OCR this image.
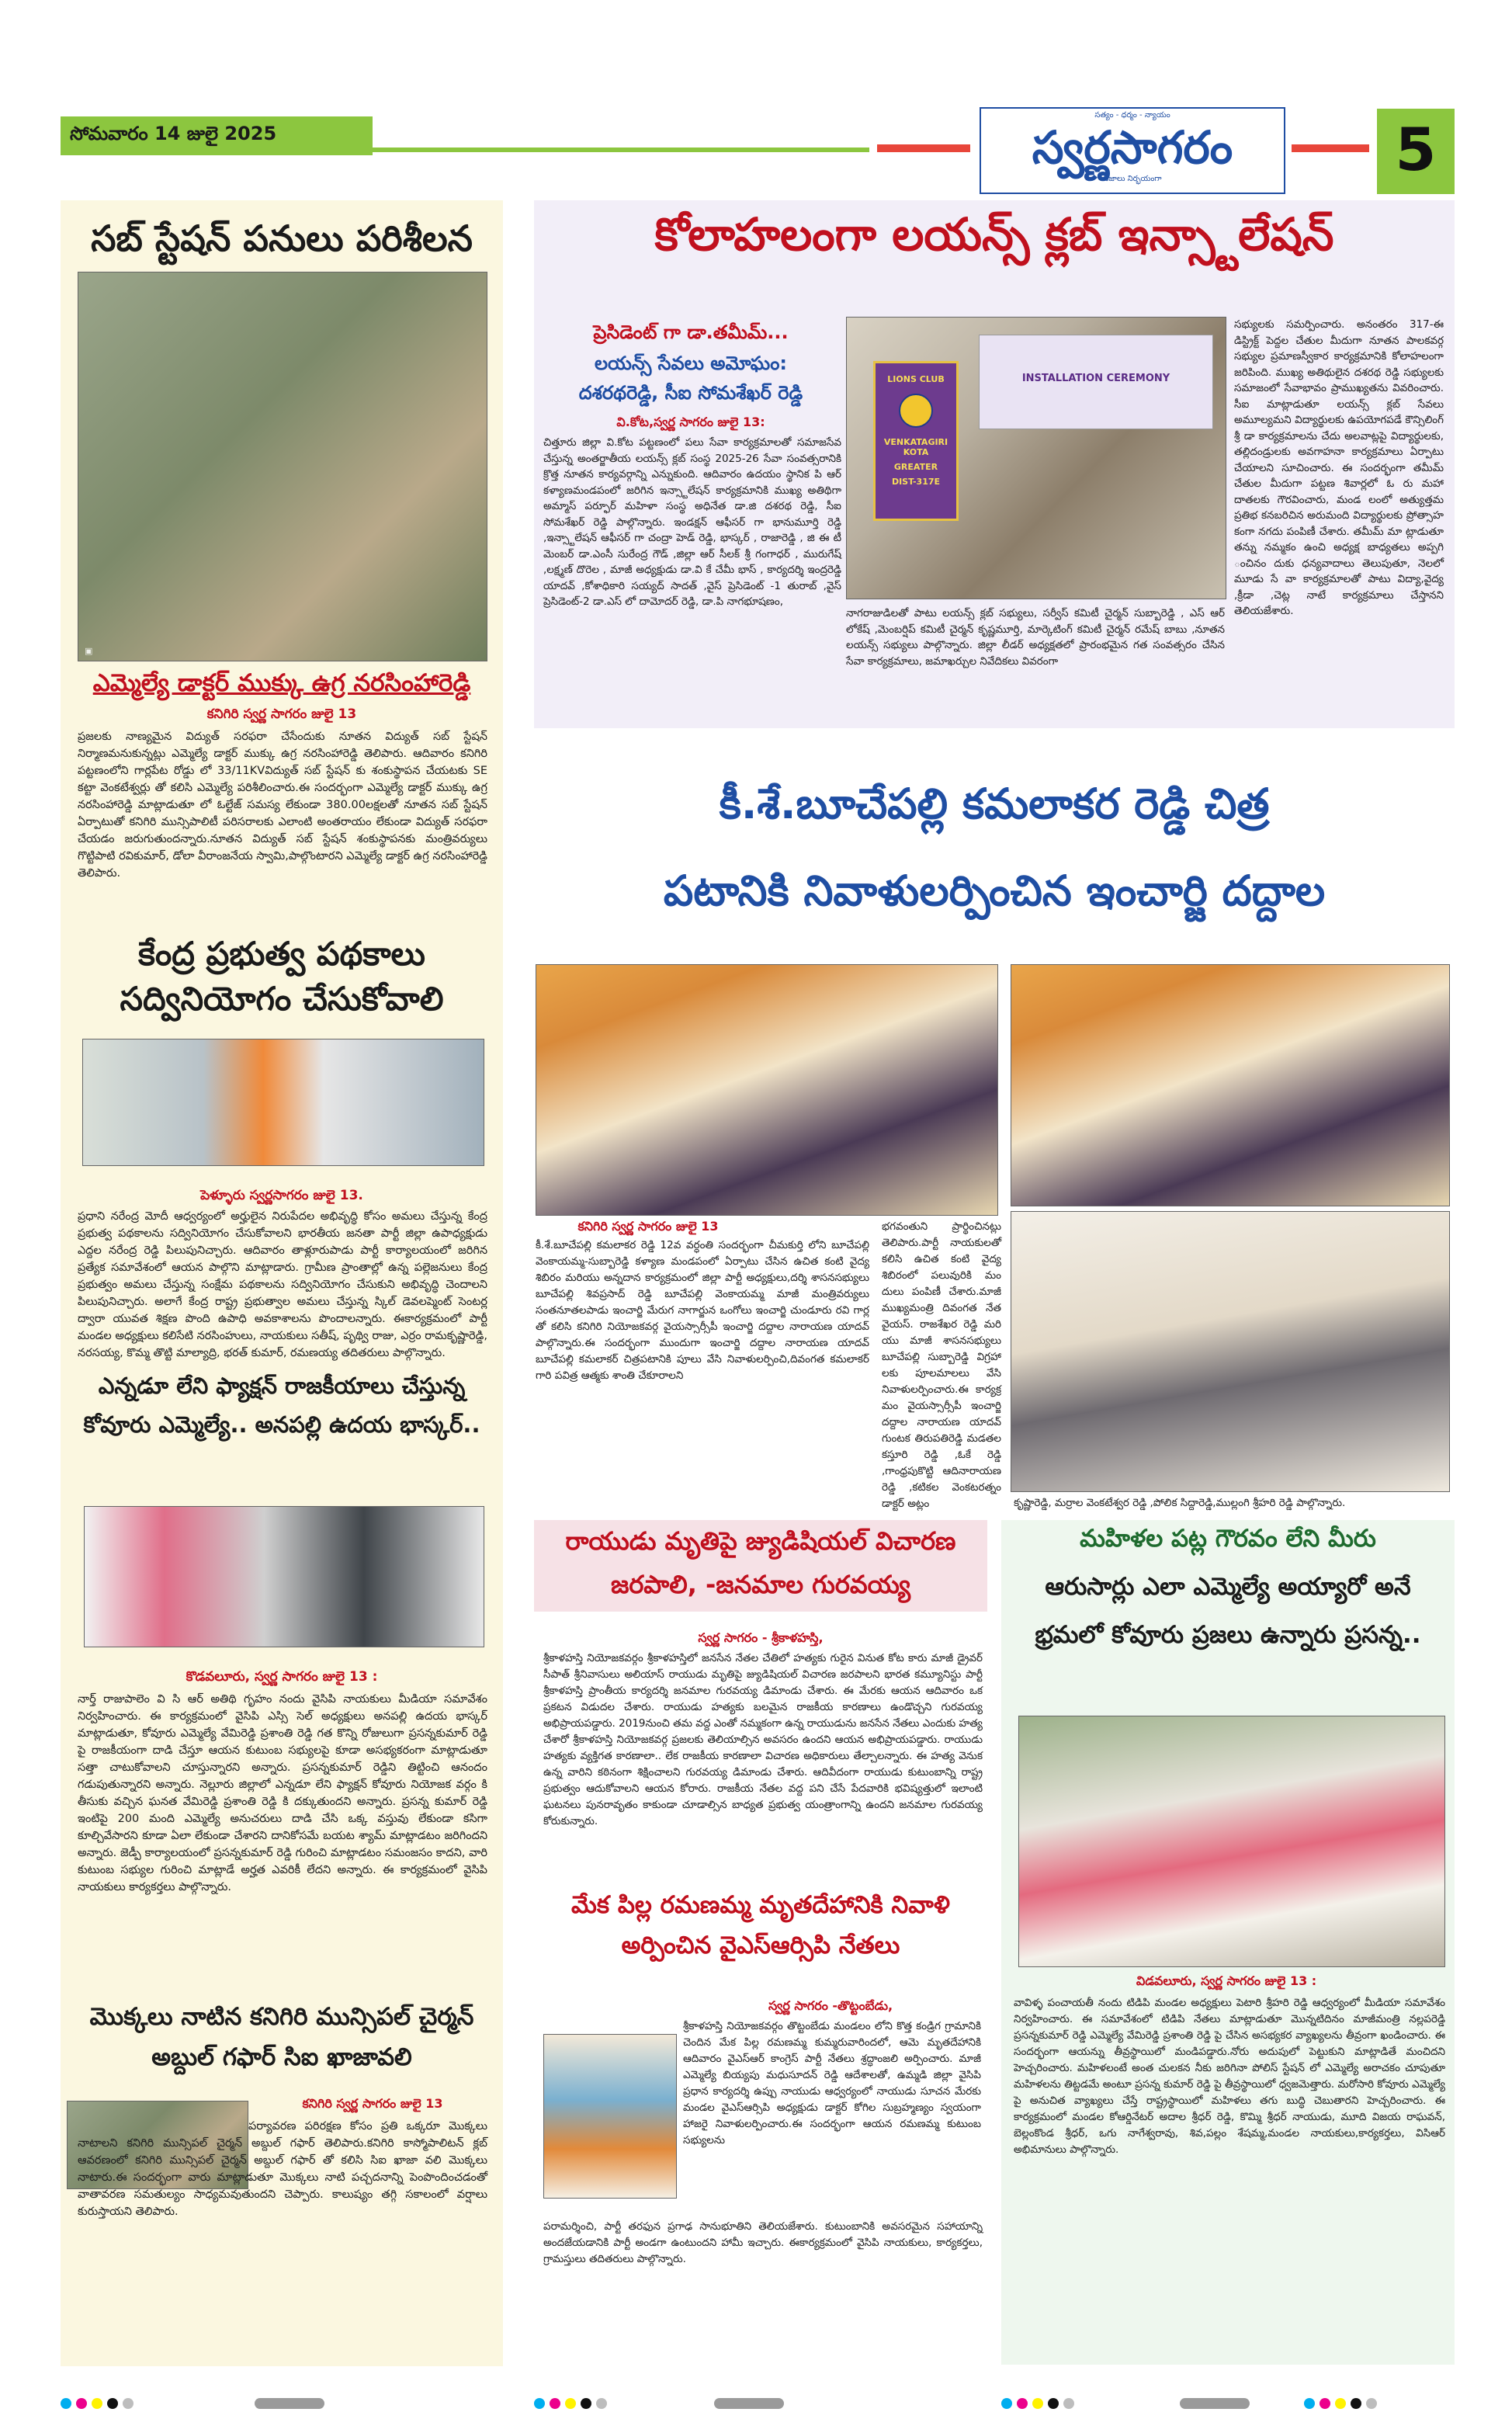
సోమవారం 14 జులై 2025
సత్యం - ధర్మం - న్యాయం
స్వర్ణసాగరం
నిజాలు నిర్భయంగా	5
సబ్ స్టేషన్ పనులు పరిశీలన
▣
ఎమ్మెల్యే డాక్టర్ ముక్కు ఉగ్ర నరసింహారెడ్డి
కనిగిరి స్వర్ణ సాగరం జులై 13

ప్రజలకు నాణ్యమైన విద్యుత్ సరఫరా చేసేందుకు నూతన విద్యుత్ సబ్ స్టేషన్ నిర్మాణమనుకున్నట్లు ఎమ్మెల్యే డాక్టర్ ముక్కు ఉగ్ర నరసింహారెడ్డి తెలిపారు. ఆదివారం కనిగిరి పట్టణంలోని గార్లపేట రోడ్డు లో 33/11KVవిద్యుత్ సబ్ స్టేషన్ కు శంకుస్థాపన చేయటకు SE కట్టా వెంకటేశ్వర్లు తో కలిసి ఎమ్మెల్యే పరిశీలించారు.ఈ సందర్భంగా ఎమ్మెల్యే డాక్టర్ ముక్కు ఉగ్ర నరసింహారెడ్డి మాట్లాడుతూ లో ఓల్టేజ్ సమస్య లేకుండా 380.00లక్షలతో నూతన సబ్ స్టేషన్ ఏర్పాటుతో కనిగిరి మున్సిపాలిటీ పరిసరాలకు ఎలాంటి అంతరాయం లేకుండా విద్యుత్ సరఫరా చేయడం జరుగుతుందన్నారు.నూతన విద్యుత్ సబ్ స్టేషన్ శంకుస్థాపనకు మంత్రివర్యులు గొట్టిపాటి రవికుమార్, డోలా వీరాంజనేయ స్వామి,పాల్గొంటారని ఎమ్మెల్యే డాక్టర్ ఉగ్ర నరసింహారెడ్డి తెలిపారు.

కేంద్ర ప్రభుత్వ పథకాలు
సద్వినియోగం చేసుకోవాలి
పెళ్ళూరు స్వర్ణసాగరం జులై 13.

ప్రధాని నరేంద్ర మోదీ ఆధ్వర్యంలో అర్హులైన నిరుపేదల అభివృద్ధి కోసం అమలు చేస్తున్న కేంద్ర ప్రభుత్వ పథకాలను సద్వినియోగం చేసుకోవాలని భారతీయ జనతా పార్టీ జిల్లా ఉపాధ్యక్షుడు ఎద్దల నరేంద్ర రెడ్డి పిలుపునిచ్చారు. ఆదివారం తాళ్లూరుపాడు పార్టీ కార్యాలయంలో జరిగిన ప్రత్యేక సమావేశంలో ఆయన పాల్గొని మాట్లాడారు. గ్రామీణ ప్రాంతాల్లో ఉన్న పల్లెజనులు కేంద్ర ప్రభుత్వం అమలు చేస్తున్న సంక్షేమ పథకాలను సద్వినియోగం చేసుకుని అభివృద్ధి చెందాలని పిలుపునిచ్చారు. అలాగే కేంద్ర రాష్ట్ర ప్రభుత్వాల అమలు చేస్తున్న స్కిల్ డెవలప్మెంట్ సెంటర్ల ద్వారా యువత శిక్షణ పొంది ఉపాధి అవకాశాలను పొందాలన్నారు. ఈకార్యక్రమంలో పార్టీ మండల అధ్యక్షులు కలిసేటి నరసింహులు, నాయకులు సతీష్, పృథ్వి రాజు, ఎర్రం రామకృష్ణారెడ్డి, నరసయ్య, కొమ్మ తొట్టి మాల్యాద్రి, భరత్ కుమార్, రమణయ్య తదితరులు పాల్గొన్నారు.

ఎన్నడూ లేని ఫ్యాక్షన్ రాజకీయాలు చేస్తున్న
కోవూరు ఎమ్మెల్యే.. అనపల్లి ఉదయ భాస్కర్..
కొడవలూరు, స్వర్ణ సాగరం జులై 13 :

నార్త్ రాజుపాలెం వి సి ఆర్ అతిథి గృహం నందు వైసిపి నాయకులు మీడియా సమావేశం నిర్వహించారు. ఈ కార్యక్రమంలో వైసిపి ఎస్సి సెల్ అధ్యక్షులు అనపల్లి ఉదయ భాస్కర్ మాట్లాడుతూ, కోవూరు ఎమ్మెల్యే వేమిరెడ్డి ప్రశాంతి రెడ్డి గత కొన్ని రోజులుగా ప్రసన్నకుమార్ రెడ్డి పై రాజకీయంగా దాడి చేస్తూ ఆయన కుటుంబ సభ్యులపై కూడా అసభ్యకరంగా మాట్లాడుతూ సత్తా చాటుకోవాలని చూస్తున్నారని అన్నారు. ప్రసన్నకుమార్ రెడ్డిని తిట్టించి ఆనందం గడుపుతున్నారని అన్నారు. నెల్లూరు జిల్లాలో ఎన్నడూ లేని ఫ్యాక్షన్ కోవూరు నియోజక వర్గం కి తీసుకు వచ్చిన ఘనత వేమిరెడ్డి ప్రశాంతి రెడ్డి కి దక్కుతుందని అన్నారు. ప్రసన్న కుమార్ రెడ్డి ఇంటిపై 200 మంది ఎమ్మెల్యే అనుచరులు దాడి చేసి ఒక్క వస్తువు లేకుండా కసిగా కూల్చివేసారని కూడా ఏలా లేకుండా చేశారని దానికోసమే బయట శ్యామ్ మాట్లాడటం జరిగిందని అన్నారు. జెడ్పీ కార్యాలయంలో ప్రసన్నకుమార్ రెడ్డి గురించి మాట్లాడటం సమంజసం కాదని, వారి కుటుంబ సభ్యుల గురించి మాట్లాడే అర్హత ఎవరికీ లేదని అన్నారు. ఈ కార్యక్రమంలో వైసిపి నాయకులు కార్యకర్తలు పాల్గొన్నారు.

మొక్కలు నాటిన కనిగిరి మున్సిపల్ చైర్మన్
అబ్దుల్ గఫార్ సిఐ ఖాజావలి
కనిగిరి స్వర్ణ సాగరం జులై 13

పర్యావరణ పరిరక్షణ కోసం ప్రతి ఒక్కరూ మొక్కలు నాటాలని కనిగిరి మున్సిపల్ చైర్మన్ అబ్దుల్ గఫార్ తెలిపారు.కనిగిరి కాస్మోపాలిటన్ క్లబ్ ఆవరణంలో కనిగిరి మున్సిపల్ చైర్మన్ అబ్దుల్ గఫార్ తో కలిసి సిఐ ఖాజా వలి మొక్కలు నాటారు.ఈ సందర్భంగా వారు మాట్లాడుతూ మొక్కలు నాటి పచ్చదనాన్ని పెంపొందించడంతో వాతావరణ సమతుల్యం సాధ్యమవుతుందని చెప్పారు. కాలుష్యం తగ్గి సకాలంలో వర్షాలు కురుస్తాయని తెలిపారు.

కోలాహలంగా లయన్స్ క్లబ్ ఇన్స్టాలేషన్
ప్రెసిడెంట్ గా డా.తమీమ్...
లయన్స్ సేవలు అమోఘం:
దశరథరెడ్డి, సీఐ సోమశేఖర్ రెడ్డి
వి.కోట,స్వర్ణ సాగరం జులై 13:

చిత్తూరు జిల్లా వి.కోట పట్టణంలో పలు సేవా కార్యక్రమాలతో సమాజసేవ చేస్తున్న అంతర్జాతీయ లయన్స్ క్లబ్ సంస్థ 2025-26 సేవా సంవత్సరానికి క్రొత్త నూతన కార్యవర్గాన్ని ఎన్నుకుంది. ఆదివారం ఉదయం స్థానిక పి ఆర్ కళ్యాణమండపంలో జరిగిన ఇన్స్టాలేషన్ కార్యక్రమానికి ముఖ్య అతిథిగా అమ్మాస్ పర్ఫూర్ మహిళా సంస్థ అధినేత డా.జి దశరథ రెడ్డి, సీఐ సోమశేఖర్ రెడ్డి పాల్గొన్నారు. ఇండక్షన్ ఆఫీసర్ గా భానుమూర్తి రెడ్డి ,ఇన్స్టాలేషన్ ఆఫీసర్ గా చంద్రా హెడ్ రెడ్డి, భాస్కర్ , రాజారెడ్డి , జి ఈ టీ మెంబర్ డా.ఎంసీ సురేంద్ర గౌడ్ ,జిల్లా ఆర్ సీలక్ శ్రీ గంగాధర్ , మురుగేష్ ,లక్ష్మణ్ దొరెల , మాజీ అధ్యక్షుడు డా.వి కే చేమీ భాస్ , కార్యదర్శి ఇంద్రరెడ్డి యాదవ్ ,కోశాధికారి సయ్యద్ సాదత్ ,వైస్ ప్రెసిడెంట్ -1 తురాబ్ ,వైస్ ప్రెసిడెంట్-2 డా.ఎస్ లో దామోదర్ రెడ్డి, డా.పి నాగభూషణం,

LIONS CLUB
VENKATAGIRI KOTA
GREATER
DIST-317E
INSTALLATION CEREMONY

నాగరాజుడిలతో పాటు లయన్స్ క్లబ్ సభ్యులు, సర్వీస్ కమిటీ చైర్మన్ సుబ్బారెడ్డి , ఎస్ ఆర్ లోకేష్ ,మెంబర్షిప్ కమిటీ చైర్మన్ కృష్ణమూర్తి, మార్కెటింగ్ కమిటీ చైర్మన్ రమేష్ బాబు ,నూతన లయన్స్ సభ్యులు పాల్గొన్నారు. జిల్లా లీడర్ అధ్యక్షతలో ప్రారంభమైన గత సంవత్సరం చేసిన సేవా కార్యక్రమాలు, జమాఖర్చుల నివేదికలు వివరంగా

సభ్యులకు సమర్పించారు. అనంతరం 317-ఈ డిస్ట్రిక్ట్ పెద్దల చేతుల మీదుగా నూతన పాలకవర్గ సభ్యుల ప్రమాణస్వీకార కార్యక్రమానికి కోలాహలంగా జరిపింది. ముఖ్య అతిథులైన దశరథ రెడ్డి సభ్యులకు సమాజంలో సేవాభావం ప్రాముఖ్యతను వివరించారు. సీఐ మాట్లాడుతూ లయన్స్ క్లబ్ సేవలు అమూల్యమని విద్యార్థులకు ఉపయోగపడే కౌన్సిలింగ్ శ్రీ డా కార్యక్రమాలను చేదు అలవాట్లపై విద్యార్థులకు, తల్లిదండ్రులకు అవగాహనా కార్యక్రమాలు ఏర్పాటు చేయాలని సూచించారు. ఈ సందర్భంగా తమీమ్ చేతుల మీదుగా పట్టణ శివార్లలో ఓ రు మహా దాతలకు గౌరవించారు, మండ లంలో అత్యుత్తమ ప్రతిభ కనబరిచిన అరుమంది విద్యార్థులకు ప్రోత్సాహ కంగా నగదు పంపిణీ చేశారు. తమీమ్ మా ట్లాడుతూ తన్ను నమ్మకం ఉంచి అధ్యక్ష బాధ్యతలు అప్పగి ంచినం దుకు ధన్యవాదాలు తెలుపుతూ, నెలలో మూడు సే వా కార్యక్రమాలతో పాటు విద్యా,వైద్య ,క్రీడా ,చెట్ల నాటే కార్యక్రమాలు చేస్తానని తెలియజేశారు.

కీ.శే.బూచేపల్లి కమలాకర రెడ్డి చిత్ర
పటానికి నివాళులర్పించిన ఇంచార్జి దద్దాల
కనిగిరి స్వర్ణ సాగరం జులై 13

కీ.శే.బూచేపల్లి కమలాకర రెడ్డి 12వ వర్ధంతి సందర్భంగా చీమకుర్తి లోని బూచేపల్లి వెంకాయమ్మ-సుబ్బారెడ్డి కళ్యాణ మండపంలో ఏర్పాటు చేసిన ఉచిత కంటి వైద్య శిబిరం మరియు అన్నదాన కార్యక్రమంలో జిల్లా పార్టీ అధ్యక్షులు,దర్శి శాసనసభ్యులు బూచేపల్లి శివప్రసాద్ రెడ్డి బూచేపల్లి వెంకాయమ్మ మాజీ మంత్రివర్యులు సంతనూతలపాడు ఇంచార్జి మేరుగ నాగార్జున ఒంగోలు ఇంచార్జి చుండూరు రవి గార్ల తో కలిసి కనిగిరి నియోజకవర్గ వైయస్సార్సీపీ ఇంచార్జి దద్దాల నారాయణ యాదవ్ పాల్గొన్నారు.ఈ సందర్భంగా ముందుగా ఇంచార్జి దద్దాల నారాయణ యాదవ్ బూచేపల్లి కమలాకర్ చిత్రపటానికి పూలు వేసి నివాళులర్పించి,దివంగత కమలాకర్ గారి పవిత్ర ఆత్మకు శాంతి చేకూరాలని

భగవంతుని ప్రార్థించినట్లు తెలిపారు.పార్టీ నాయకులతో కలిసి ఉచిత కంటి వైద్య శిబిరంలో పలువురికి మం దులు పంపిణీ చేశారు.మాజీ ముఖ్యమంత్రి దివంగత నేత వైయస్. రాజశేఖర రెడ్డి మరి యు మాజీ శాసనసభ్యులు బూచేపల్లి సుబ్బారెడ్డి విగ్రహా లకు పూలమాలలు వేసి నివాళులర్పించారు.ఈ కార్యక్ర మం వైయస్సార్సీపీ ఇంచార్జి దద్దాల నారాయణ యాదవ్ గుంటక తిరుపతిరెడ్డి మడతల కస్తూరి రెడ్డి ,ఓకే రెడ్డి ,గాంధ్రపుకొట్టి ఆదినారాయణ రెడ్డి ,కటికల వెంకటరత్నం డాక్టర్ అట్లం	కృష్ణారెడ్డి, మర్రాల వెంకటేశ్వర రెడ్డి ,పోలిక సిద్దారెడ్డి,ముల్లంగి శ్రీహరి రెడ్డి పాల్గొన్నారు.

రాయుడు మృతిపై జ్యుడిషియల్ విచారణ
జరపాలి, -జనమాల గురవయ్య
స్వర్ణ సాగరం - శ్రీకాళహస్తి,

శ్రీకాళహస్తి నియోజకవర్గం శ్రీకాళహస్తిలో జనసేన నేతల చేతిలో హత్యకు గురైన వినుత కోట కారు మాజీ డ్రైవర్ సీపాత్ శ్రీనివాసులు అలియాస్ రాయుడు మృతిపై జ్యుడిషియల్ విచారణ జరపాలని భారత కమ్యూనిస్టు పార్టీ శ్రీకాళహస్తి ప్రాంతీయ కార్యదర్శి జనమాల గురవయ్య డిమాండు చేశారు. ఈ మేరకు ఆయన ఆదివారం ఒక ప్రకటన విడుదల చేశారు. రాయుడు హత్యకు బలమైన రాజకీయ కారణాలు ఉండొచ్చని గురవయ్య అభిప్రాయపడ్డారు. 2019నుంచి తమ వద్ద ఎంతో నమ్మకంగా ఉన్న రాయుడును జనసేన నేతలు ఎందుకు హత్య చేశారో శ్రీకాళహస్తి నియోజకవర్గ ప్రజలకు తెలియాల్సిన అవసరం ఉందని ఆయన అభిప్రాయపడ్డారు. రాయుడు హత్యకు వ్యక్తిగత కారణాలా.. లేక రాజకీయ కారణాలా విచారణ అధికారులు తేల్చాలన్నారు. ఈ హత్య వెనుక ఉన్న వారిని కఠినంగా శిక్షించాలని గురవయ్య డిమాండు చేశారు. ఆదివీదంగా రాయుడు కుటుంబాన్ని రాష్ట్ర ప్రభుత్వం ఆదుకోవాలని ఆయన కోరారు. రాజకీయ నేతల వద్ద పని చేసే పేదవారికి భవిష్యత్తులో ఇలాంటి ఘటనలు పునరావృతం కాకుండా చూడాల్సిన బాధ్యత ప్రభుత్వ యంత్రాంగాన్ని ఉందని జనమాల గురవయ్య కోరుకున్నారు.

మేక పిల్ల రమణమ్మ మృతదేహానికి నివాళి
అర్పించిన వైఎస్ఆర్సిపి నేతలు
స్వర్ణ సాగరం -తొట్టంబేడు,

శ్రీకాళహస్తి నియోజకవర్గం తొట్టంబేడు మండలం లోని కొత్త కండ్రిగ గ్రామానికి చెందిన మేక పిల్ల రమణమ్మ కుమ్మరువారిందలో, ఆమె మృతదేహానికి ఆదివారం వైఎస్ఆర్ కాంగ్రెస్ పార్టీ నేతలు శ్రద్ధాంజలి అర్పించారు. మాజీ ఎమ్మెల్యే బియ్యపు మధుసూదన్ రెడ్డి ఆదేశాలతో, ఉమ్మడి జిల్లా వైసిపి ప్రధాన కార్యదర్శి ఉప్పు నాయుడు ఆధ్వర్యంలో నాయుడు సూచన మేరకు మండల వైఎస్ఆర్సిపి అధ్యక్షుడు డాక్టర్ కోగిల సుబ్రహ్మణ్యం స్వయంగా హాజరై నివాళులర్పించారు.ఈ సందర్భంగా ఆయన రమణమ్మ కుటుంబ సభ్యులను

పరామర్శించి, పార్టీ తరఫున ప్రగాఢ సానుభూతిని తెలియజేశారు. కుటుంబానికి అవసరమైన సహాయాన్ని అందజేయడానికి పార్టీ అండగా ఉంటుందని హామీ ఇచ్చారు. ఈకార్యక్రమంలో వైసిపి నాయకులు, కార్యకర్తలు, గ్రామస్తులు తదితరులు పాల్గొన్నారు.

మహిళల పట్ల గౌరవం లేని మీరు
ఆరుసార్లు ఎలా ఎమ్మెల్యే అయ్యారో అనే
భ్రమలో కోవూరు ప్రజలు ఉన్నారు ప్రసన్న..
విడవలూరు, స్వర్ణ సాగరం జులై 13 :

వావిళ్ళ పంచాయతీ నందు టిడిపి మండల అధ్యక్షులు పెటారి శ్రీహరి రెడ్డి ఆధ్వర్యంలో మీడియా సమావేశం నిర్వహించారు. ఈ సమావేశంలో టిడిపి నేతలు మాట్లాడుతూ మొన్నటిదినం మాజీమంత్రి నల్లపరెడ్డి ప్రసన్నకుమార్ రెడ్డి ఎమ్మెల్యే వేమిరెడ్డి ప్రశాంతి రెడ్డి పై చేసిన అసభ్యకర వ్యాఖ్యలను తీవ్రంగా ఖండించారు. ఈ సందర్భంగా ఆయన్ను తీవ్రస్థాయిలో మండిపడ్డారు.నోరు అదుపులో పెట్టుకుని మాట్లాడితే మంచిదని హెచ్చరించారు. మహిళలంటే అంత చులకన నీకు జరిగినా పోలిస్ స్టేషన్ లో ఎమ్మెల్యే అరాచకం చూపుతూ మహిళలను తిట్టడమే అంటూ ప్రసన్న కుమార్ రెడ్డి పై తీవ్రస్థాయిలో ధ్వజమెత్తారు. మరోసారి కోవూరు ఎమ్మెల్యే పై అనుచిత వ్యాఖ్యలు చేస్తే రాష్ట్రస్థాయిలో మహిళలు తగు బుద్ధి చెబుతారని హెచ్చరించారు. ఈ కార్యక్రమంలో మండల కోఆర్డినేటర్ అదాల శ్రీధర్ రెడ్డి, కొమ్మి శ్రీధర్ నాయుడు, మూది విజయ రాఘవన్, బెల్లంకొండ శ్రీధర్, ఒగు నాగేశ్వరావు, శివ,పల్లం శేషమ్మ,మండల నాయకులు,కార్యకర్తలు, విసిఆర్ అభిమానులు పాల్గొన్నారు.
